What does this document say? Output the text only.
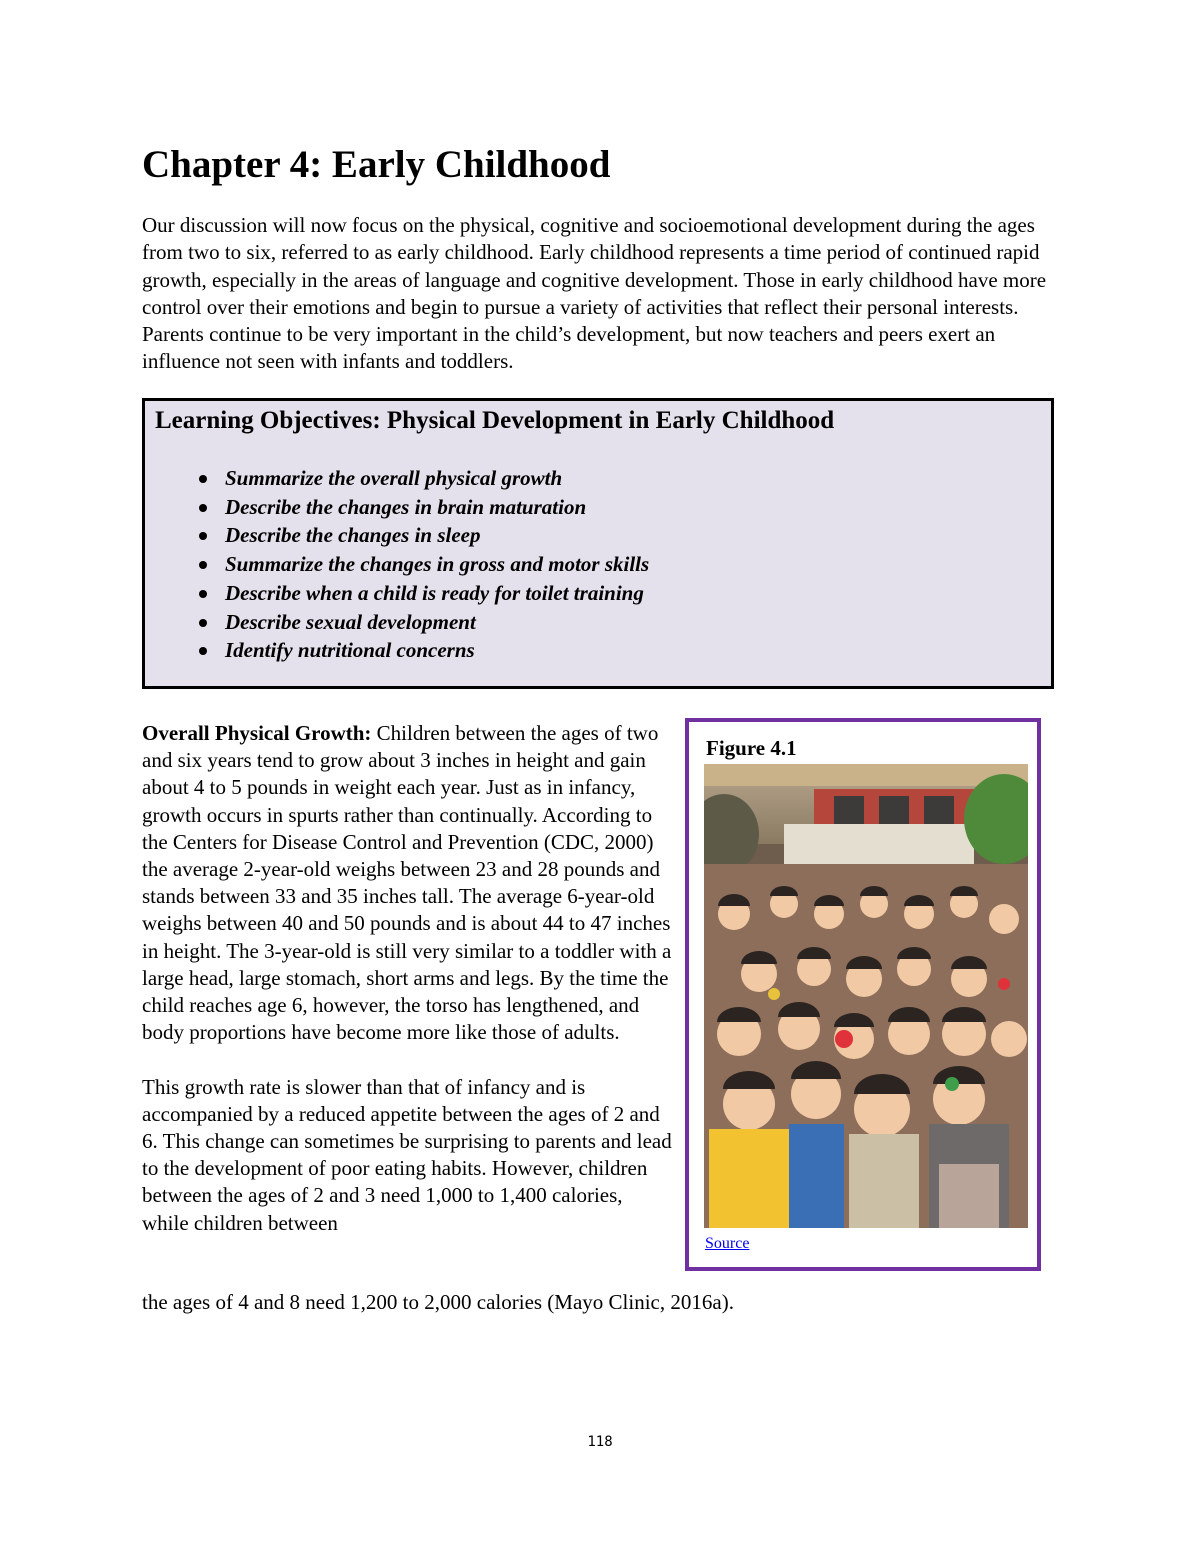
Chapter 4: Early Childhood

Our discussion will now focus on the physical, cognitive and socioemotional development during the ages from two to six, referred to as early childhood. Early childhood represents a time period of continued rapid growth, especially in the areas of language and cognitive development. Those in early childhood have more control over their emotions and begin to pursue a variety of activities that reflect their personal interests. Parents continue to be very important in the child’s development, but now teachers and peers exert an influence not seen with infants and toddlers.

Learning Objectives: Physical Development in Early Childhood
Summarize the overall physical growth
Describe the changes in brain maturation
Describe the changes in sleep
Summarize the changes in gross and motor skills
Describe when a child is ready for toilet training
Describe sexual development
Identify nutritional concerns

Overall Physical Growth: Children between the ages of two and six years tend to grow about 3 inches in height and gain about 4 to 5 pounds in weight each year. Just as in infancy, growth occurs in spurts rather than continually. According to the Centers for Disease Control and Prevention (CDC, 2000) the average 2-year-old weighs between 23 and 28 pounds and stands between 33 and 35 inches tall. The average 6-year-old weighs between 40 and 50 pounds and is about 44 to 47 inches in height. The 3-year-old is still very similar to a toddler with a large head, large stomach, short arms and legs. By the time the child reaches age 6, however, the torso has lengthened, and body proportions have become more like those of adults.

This growth rate is slower than that of infancy and is accompanied by a reduced appetite between the ages of 2 and 6. This change can sometimes be surprising to parents and lead to the development of poor eating habits. However, children between the ages of 2 and 3 need 1,000 to 1,400 calories, while children between

the ages of 4 and 8 need 1,200 to 2,000 calories (Mayo Clinic, 2016a).

Figure 4.1
Source
118
